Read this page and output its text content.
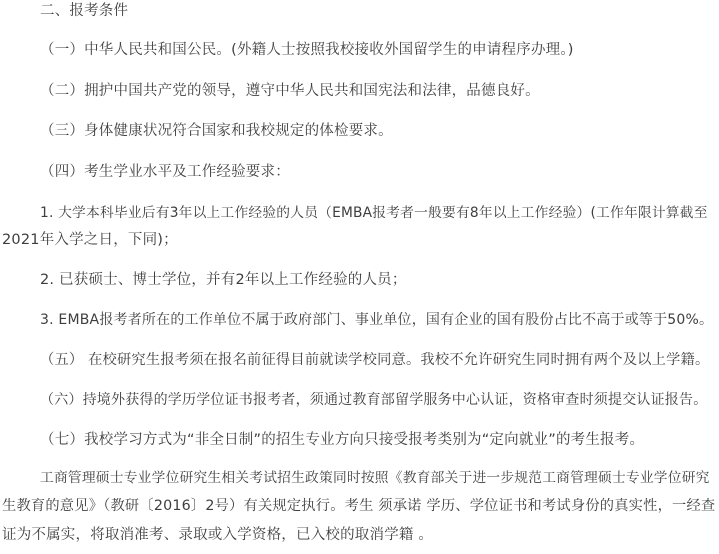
二、报考条件
（一）中华人民共和国公民。(外籍人士按照我校接收外国留学生的申请程序办理。)
（二）拥护中国共产党的领导，遵守中华人民共和国宪法和法律，品德良好。
（三）身体健康状况符合国家和我校规定的体检要求。
（四）考生学业水平及工作经验要求：
1. 大学本科毕业后有3年以上工作经验的人员（EMBA报考者一般要有8年以上工作经验）(工作年限计算截至
2021年入学之日，下同)；
2. 已获硕士、博士学位，并有2年以上工作经验的人员；
3. EMBA报考者所在的工作单位不属于政府部门、事业单位，国有企业的国有股份占比不高于或等于50%。
（五） 在校研究生报考须在报名前征得目前就读学校同意。我校不允许研究生同时拥有两个及以上学籍。
（六）持境外获得的学历学位证书报考者，须通过教育部留学服务中心认证，资格审查时须提交认证报告。
（七）我校学习方式为“非全日制”的招生专业方向只接受报考类别为“定向就业”的考生报考。
工商管理硕士专业学位研究生相关考试招生政策同时按照《教育部关于进一步规范工商管理硕士专业学位研究
生教育的意见》（教研〔2016〕2号）有关规定执行。考生 须承诺 学历、学位证书和考试身份的真实性，一经查
证为不属实，将取消准考、录取或入学资格，已入校的取消学籍 。
